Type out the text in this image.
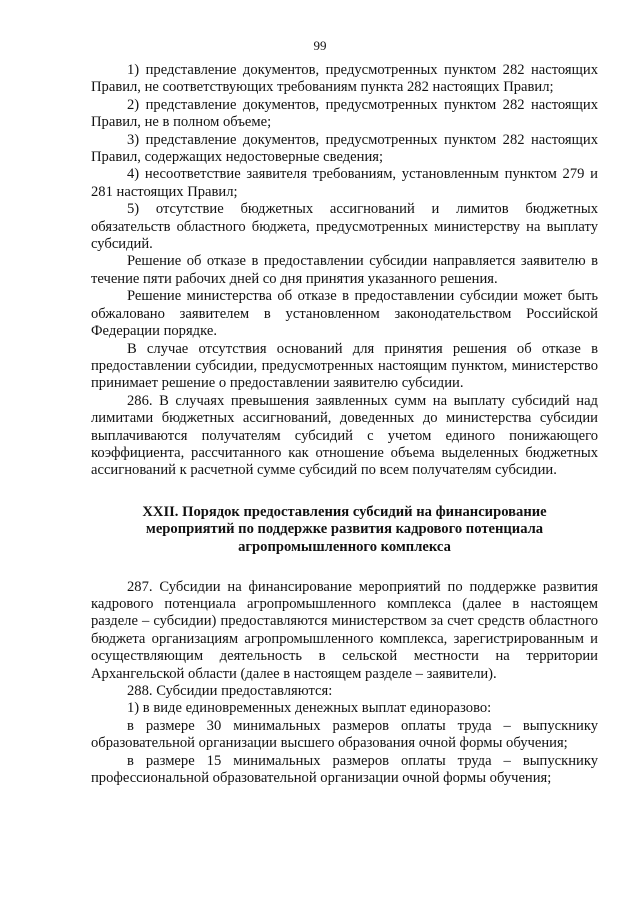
99

1) представление документов, предусмотренных пунктом 282 настоящих Правил, не соответствующих требованиям пункта 282 настоящих Правил;

2) представление документов, предусмотренных пунктом 282 настоящих Правил, не в полном объеме;

3) представление документов, предусмотренных пунктом 282 настоящих Правил, содержащих недостоверные сведения;

4) несоответствие заявителя требованиям, установленным пунктом 279 и 281 настоящих Правил;

5) отсутствие бюджетных ассигнований и лимитов бюджетных обязательств областного бюджета, предусмотренных министерству на выплату субсидий.

Решение об отказе в предоставлении субсидии направляется заявителю в течение пяти рабочих дней со дня принятия указанного решения.

Решение министерства об отказе в предоставлении субсидии может быть обжаловано заявителем в установленном законодательством Российской Федерации порядке.

В случае отсутствия оснований для принятия решения об отказе в предоставлении субсидии, предусмотренных настоящим пунктом, министерство принимает решение о предоставлении заявителю субсидии.

286. В случаях превышения заявленных сумм на выплату субсидий над лимитами бюджетных ассигнований, доведенных до министерства субсидии выплачиваются получателям субсидий с учетом единого понижающего коэффициента, рассчитанного как отношение объема выделенных бюджетных ассигнований к расчетной сумме субсидий по всем получателям субсидии.

XXII. Порядок предоставления субсидий на финансирование
мероприятий по поддержке развития кадрового потенциала
агропромышленного комплекса

287. Субсидии на финансирование мероприятий по поддержке развития кадрового потенциала агропромышленного комплекса (далее в настоящем разделе – субсидии) предоставляются министерством за счет средств областного бюджета организациям агропромышленного комплекса, зарегистрированным и осуществляющим деятельность в сельской местности на территории Архангельской области (далее в настоящем разделе – заявители).

288. Субсидии предоставляются:

1) в виде единовременных денежных выплат единоразово:

в размере 30 минимальных размеров оплаты труда – выпускнику образовательной организации высшего образования очной формы обучения;

в размере 15 минимальных размеров оплаты труда – выпускнику профессиональной образовательной организации очной формы обучения;
